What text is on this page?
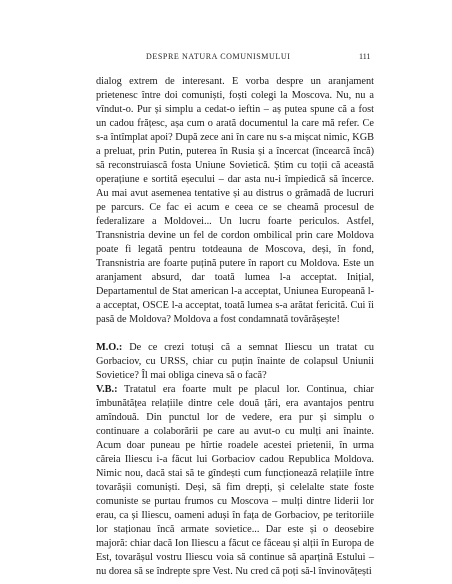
DESPRE NATURA COMUNISMULUI	111

dialog extrem de interesant. E vorba despre un aranjament prietenesc între doi comuniști, foști colegi la Moscova. Nu, nu a vîndut-o. Pur și simplu a cedat-o ieftin – aș putea spune că a fost un cadou frățesc, așa cum o arată documentul la care mă refer. Ce s-a întîmplat apoi? După zece ani în care nu s-a mișcat nimic, KGB a preluat, prin Putin, puterea în Rusia și a încercat (încearcă încă) să reconstruiască fosta Uniune Sovietică. Știm cu toții că această operațiune e sortită eșecului – dar asta nu-i împiedică să încerce. Au mai avut asemenea tentative și au distrus o grămadă de lucruri pe parcurs. Ce fac ei acum e ceea ce se cheamă procesul de federalizare a Moldovei... Un lucru foarte periculos. Astfel, Transnistria devine un fel de cordon ombilical prin care Moldova poate fi legată pentru totdeauna de Moscova, deși, în fond, Transnistria are foarte puțină putere în raport cu Moldova. Este un aranjament absurd, dar toată lumea l-a acceptat. Inițial, Departamentul de Stat american l-a acceptat, Uniunea Europeană l-a acceptat, OSCE l-a acceptat, toată lumea s-a arătat fericită. Cui îi pasă de Moldova? Moldova a fost condamnată tovărășește!

M.O.: De ce crezi totuși că a semnat Iliescu un tratat cu Gorbaciov, cu URSS, chiar cu puțin înainte de colapsul Uniunii Sovietice? Îl mai obliga cineva să o facă?

V.B.: Tratatul era foarte mult pe placul lor. Continua, chiar îmbunătățea relațiile dintre cele două țări, era avantajos pentru amîndouă. Din punctul lor de vedere, era pur și simplu o continuare a colaborării pe care au avut-o cu mulți ani înainte. Acum doar puneau pe hîrtie roadele acestei prietenii, în urma căreia Iliescu i-a făcut lui Gorbaciov cadou Republica Moldova. Nimic nou, dacă stai să te gîndești cum funcționează relațiile între tovarășii comuniști. Deși, să fim drepți, și celelalte state foste comuniste se purtau frumos cu Moscova – mulți dintre liderii lor erau, ca și Iliescu, oameni aduși în fața de Gorbaciov, pe teritoriile lor staționau încă armate sovietice... Dar este și o deosebire majoră: chiar dacă Ion Iliescu a făcut ce făceau și alții în Europa de Est, tovarășul vostru Iliescu voia să continue să aparțină Estului – nu dorea să se îndrepte spre Vest. Nu cred că poți să-l învinovățești
